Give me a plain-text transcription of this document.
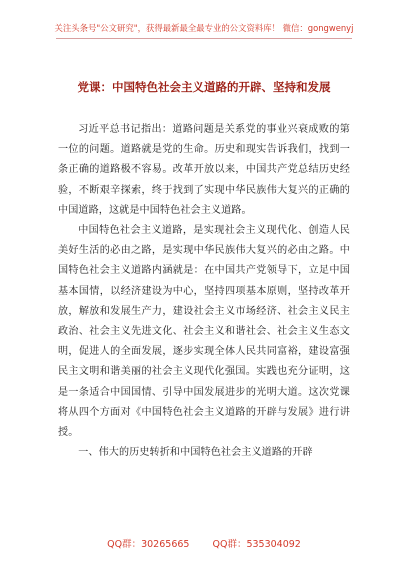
关注头条号"公文研究"，获得最新最全最专业的公文资料库！ 微信：gongwenyj
党课：中国特色社会主义道路的开辟、坚持和发展

习近平总书记指出：道路问题是关系党的事业兴衰成败的第一位的问题。道路就是党的生命。历史和现实告诉我们，找到一条正确的道路极不容易。改革开放以来，中国共产党总结历史经验，不断艰辛探索，终于找到了实现中华民族伟大复兴的正确的中国道路，这就是中国特色社会主义道路。

中国特色社会主义道路，是实现社会主义现代化、创造人民美好生活的必由之路，是实现中华民族伟大复兴的必由之路。中国特色社会主义道路内涵就是：在中国共产党领导下，立足中国基本国情，以经济建设为中心，坚持四项基本原则，坚持改革开放，解放和发展生产力，建设社会主义市场经济、社会主义民主政治、社会主义先进文化、社会主义和谐社会、社会主义生态文明，促进人的全面发展，逐步实现全体人民共同富裕，建设富强民主文明和谐美丽的社会主义现代化强国。实践也充分证明，这是一条适合中国国情、引导中国发展进步的光明大道。这次党课将从四个方面对《中国特色社会主义道路的开辟与发展》进行讲授。

一、伟大的历史转折和中国特色社会主义道路的开辟

QQ群：30265665 QQ群：535304092
